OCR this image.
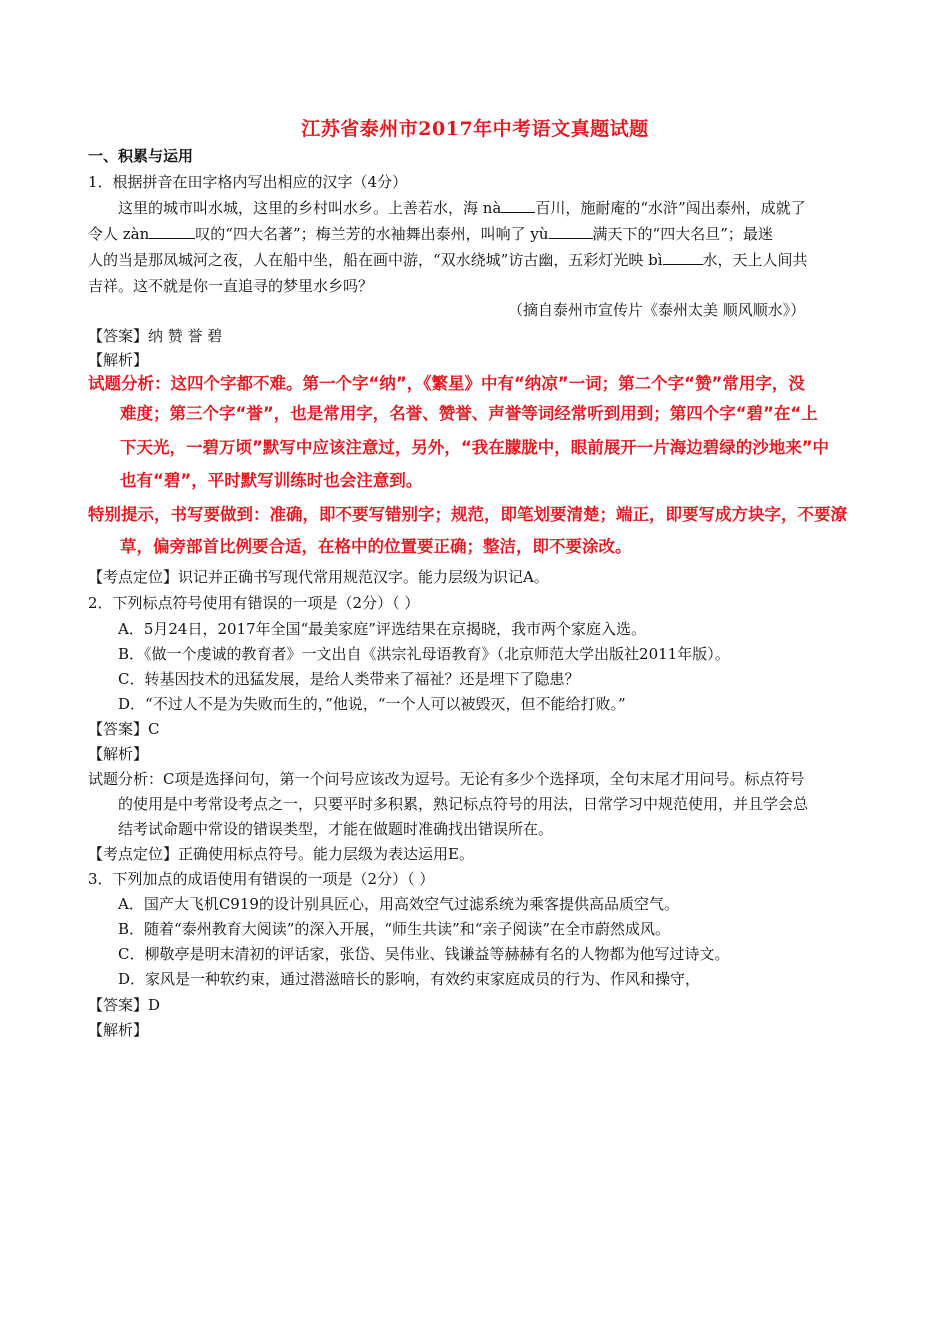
江苏省泰州市2017年中考语文真题试题
一、积累与运用
1．根据拼音在田字格内写出相应的汉字（4分）
这里的城市叫水城，这里的乡村叫水乡。上善若水，海 nà 百川，施耐庵的“水浒”闯出泰州，成就了
令人 zàn	叹的“四大名著”；梅兰芳的水袖舞出泰州，叫响了 yù	满天下的“四大名旦”；最迷
人的当是那凤城河之夜，人在船中坐，船在画中游，“双水绕城”访古幽，五彩灯光映 bì	水，天上人间共
吉祥。这不就是你一直追寻的梦里水乡吗？
（摘自泰州市宣传片《泰州太美 顺风顺水》）
【答案】纳 赞 誉 碧
【解析】
试题分析：这四个字都不难。第一个字“纳”，《繁星》中有“纳凉”一词；第二个字“赞”常用字，没
难度；第三个字“誉”，也是常用字，名誉、赞誉、声誉等词经常听到用到；第四个字“碧”在“上
下天光，一碧万顷”默写中应该注意过，另外，“我在朦胧中，眼前展开一片海边碧绿的沙地来”中
也有“碧”，平时默写训练时也会注意到。
特别提示，书写要做到：准确，即不要写错别字；规范，即笔划要清楚；端正，即要写成方块字，不要潦
草，偏旁部首比例要合适，在格中的位置要正确；整洁，即不要涂改。
【考点定位】识记并正确书写现代常用规范汉字。能力层级为识记A。
2．下列标点符号使用有错误的一项是（2分）（ ）
A．5月24日，2017年全国“最美家庭”评选结果在京揭晓，我市两个家庭入选。
B．《做一个虔诚的教育者》一文出自《洪宗礼母语教育》（北京师范大学出版社2011年版）。
C．转基因技术的迅猛发展，是给人类带来了福祉？还是埋下了隐患？
D．“不过人不是为失败而生的，”他说，“一个人可以被毁灭，但不能给打败。”
【答案】C
【解析】
试题分析：C项是选择问句，第一个问号应该改为逗号。无论有多少个选择项，全句末尾才用问号。标点符号
的使用是中考常设考点之一，只要平时多积累，熟记标点符号的用法，日常学习中规范使用，并且学会总
结考试命题中常设的错误类型，才能在做题时准确找出错误所在。
【考点定位】正确使用标点符号。能力层级为表达运用E。
3．下列加点的成语使用有错误的一项是（2分）（ ）
A．国产大飞机C919的设计别具匠心，用高效空气过滤系统为乘客提供高品质空气。
B．随着“泰州教育大阅读”的深入开展，“师生共读”和“亲子阅读”在全市蔚然成风。
C．柳敬亭是明末清初的评话家，张岱、吴伟业、钱谦益等赫赫有名的人物都为他写过诗文。
D．家风是一种软约束，通过潜滋暗长的影响，有效约束家庭成员的行为、作风和操守，
【答案】D
【解析】
